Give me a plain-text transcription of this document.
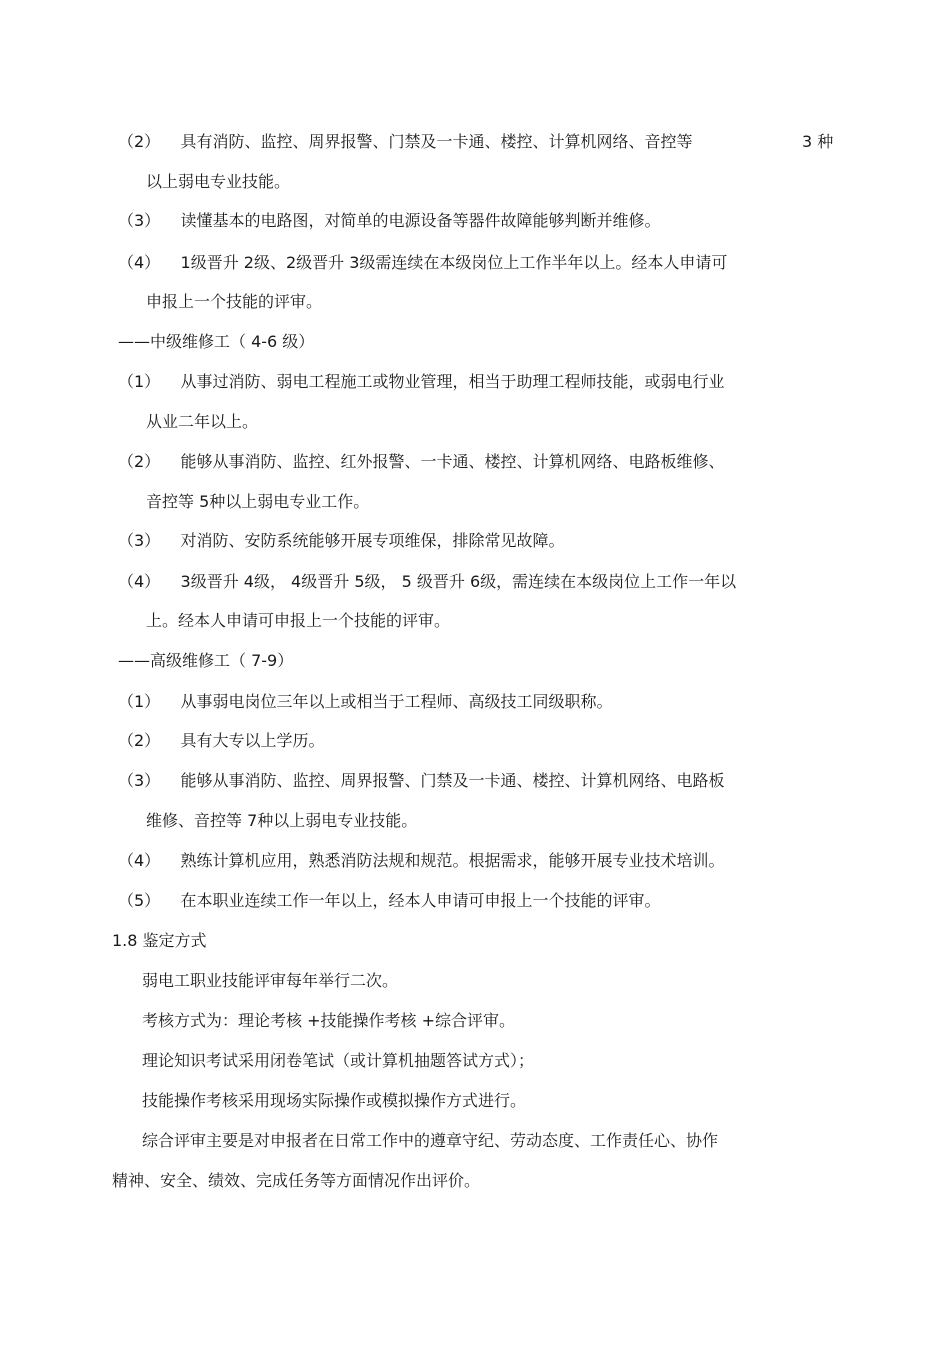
（2）    具有消防、监控、周界报警、门禁及一卡通、楼控、计算机网络、音控等	3 种
以上弱电专业技能。
（3）    读懂基本的电路图，对简单的电源设备等器件故障能够判断并维修。
（4）    1级晋升 2级、2级晋升 3级需连续在本级岗位上工作半年以上。经本人申请可
申报上一个技能的评审。
——中级维修工（ 4-6 级）
（1）    从事过消防、弱电工程施工或物业管理，相当于助理工程师技能，或弱电行业
从业二年以上。
（2）    能够从事消防、监控、红外报警、一卡通、楼控、计算机网络、电路板维修、
音控等 5种以上弱电专业工作。
（3）    对消防、安防系统能够开展专项维保，排除常见故障。
（4）    3级晋升 4级， 4级晋升 5级， 5 级晋升 6级，需连续在本级岗位上工作一年以
上。经本人申请可申报上一个技能的评审。
——高级维修工（ 7-9）
（1）    从事弱电岗位三年以上或相当于工程师、高级技工同级职称。
（2）    具有大专以上学历。
（3）    能够从事消防、监控、周界报警、门禁及一卡通、楼控、计算机网络、电路板
维修、音控等 7种以上弱电专业技能。
（4）    熟练计算机应用，熟悉消防法规和规范。根据需求，能够开展专业技术培训。
（5）    在本职业连续工作一年以上，经本人申请可申报上一个技能的评审。
1.8 鉴定方式
弱电工职业技能评审每年举行二次。
考核方式为：理论考核 +技能操作考核 +综合评审。
理论知识考试采用闭卷笔试（或计算机抽题答试方式）；
技能操作考核采用现场实际操作或模拟操作方式进行。
综合评审主要是对申报者在日常工作中的遵章守纪、劳动态度、工作责任心、协作
精神、安全、绩效、完成任务等方面情况作出评价。
